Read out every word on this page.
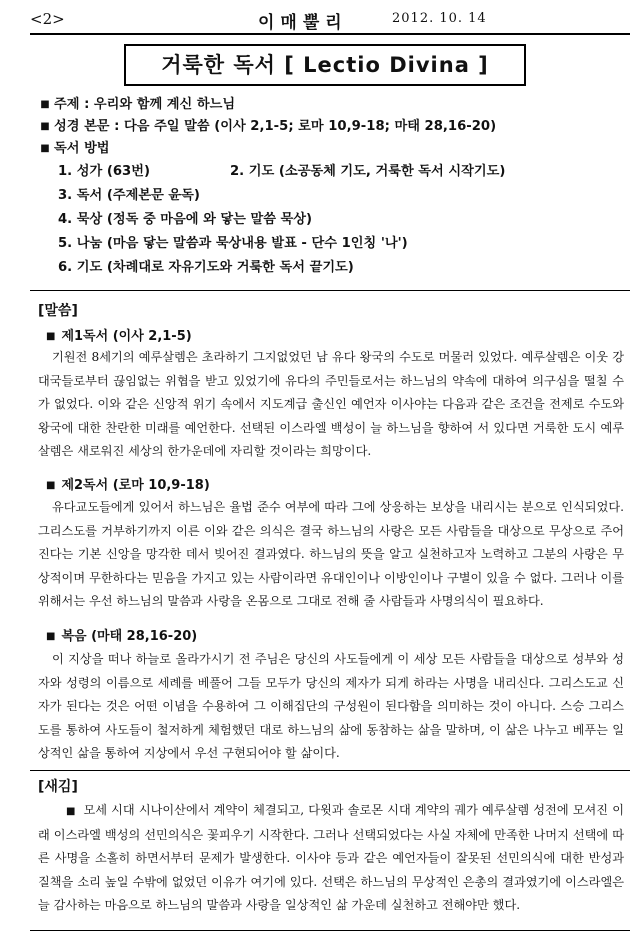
<2>	이매뿔리	2012. 10. 14
거룩한 독서 [ Lectio Divina ]
■ 주제 : 우리와 함께 계신 하느님
■ 성경 본문 : 다음 주일 말씀 (이사 2,1-5; 로마 10,9-18; 마태 28,16-20)
■ 독서 방법
1. 성가 (63번)	2. 기도 (소공동체 기도, 거룩한 독서 시작기도)
3. 독서 (주제본문 윤독)
4. 묵상 (정독 중 마음에 와 닿는 말씀 묵상)
5. 나눔 (마음 닿는 말씀과 묵상내용 발표 - 단수 1인칭 '나')
6. 기도 (차례대로 자유기도와 거룩한 독서 끝기도)
[말씀]
■ 제1독서 (이사 2,1-5)
기원전 8세기의 예루살렘은 초라하기 그지없었던 남 유다 왕국의 수도로 머물러 있었다. 예루살렘은 이웃 강대국들로부터 끊임없는 위협을 받고 있었기에 유다의 주민들로서는 하느님의 약속에 대하여 의구심을 떨칠 수가 없었다. 이와 같은 신앙적 위기 속에서 지도계급 출신인 예언자 이사야는 다음과 같은 조건을 전제로 수도와 왕국에 대한 찬란한 미래를 예언한다. 선택된 이스라엘 백성이 늘 하느님을 향하여 서 있다면 거룩한 도시 예루살렘은 새로워진 세상의 한가운데에 자리할 것이라는 희망이다.
■ 제2독서 (로마 10,9-18)
유다교도들에게 있어서 하느님은 율법 준수 여부에 따라 그에 상응하는 보상을 내리시는 분으로 인식되었다. 그리스도를 거부하기까지 이른 이와 같은 의식은 결국 하느님의 사랑은 모든 사람들을 대상으로 무상으로 주어진다는 기본 신앙을 망각한 데서 빚어진 결과였다. 하느님의 뜻을 알고 실천하고자 노력하고 그분의 사랑은 무상적이며 무한하다는 믿음을 가지고 있는 사람이라면 유대인이나 이방인이나 구별이 있을 수 없다. 그러나 이를 위해서는 우선 하느님의 말씀과 사랑을 온몸으로 그대로 전해 줄 사람들과 사명의식이 필요하다.
■ 복음 (마태 28,16-20)
이 지상을 떠나 하늘로 올라가시기 전 주님은 당신의 사도들에게 이 세상 모든 사람들을 대상으로 성부와 성자와 성령의 이름으로 세례를 베풀어 그들 모두가 당신의 제자가 되게 하라는 사명을 내리신다. 그리스도교 신자가 된다는 것은 어떤 이념을 수용하여 그 이해집단의 구성원이 된다함을 의미하는 것이 아니다. 스승 그리스도를 통하여 사도들이 철저하게 체험했던 대로 하느님의 삶에 동참하는 삶을 말하며, 이 삶은 나누고 베푸는 일상적인 삶을 통하여 지상에서 우선 구현되어야 할 삶이다.
[새김]
■ 모세 시대 시나이산에서 계약이 체결되고, 다윗과 솔로몬 시대 계약의 궤가 예루살렘 성전에 모셔진 이래 이스라엘 백성의 선민의식은 꽃피우기 시작한다. 그러나 선택되었다는 사실 자체에 만족한 나머지 선택에 따른 사명을 소홀히 하면서부터 문제가 발생한다. 이사야 등과 같은 예언자들이 잘못된 선민의식에 대한 반성과 질책을 소리 높일 수밖에 없었던 이유가 여기에 있다. 선택은 하느님의 무상적인 은총의 결과였기에 이스라엘은 늘 감사하는 마음으로 하느님의 말씀과 사랑을 일상적인 삶 가운데 실천하고 전해야만 했다.
